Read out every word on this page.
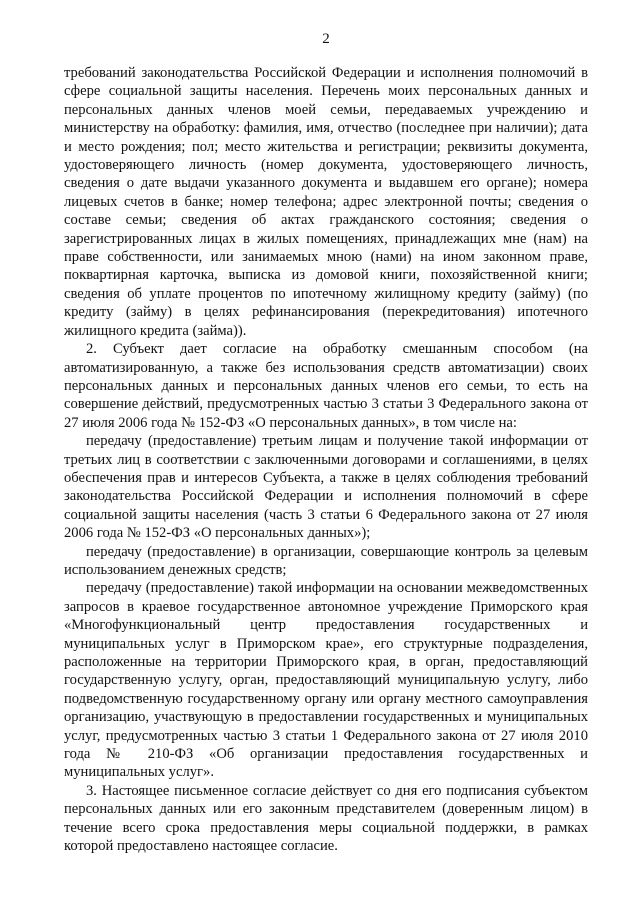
2

требований законодательства Российской Федерации и исполнения полномочий в сфере социальной защиты населения. Перечень моих персональных данных и персональных данных членов моей семьи, передаваемых учреждению и министерству на обработку: фамилия, имя, отчество (последнее при наличии); дата и место рождения; пол; место жительства и регистрации; реквизиты документа, удостоверяющего личность (номер документа, удостоверяющего личность, сведения о дате выдачи указанного документа и выдавшем его органе); номера лицевых счетов в банке; номер телефона; адрес электронной почты; сведения о составе семьи; сведения об актах гражданского состояния; сведения о зарегистрированных лицах в жилых помещениях, принадлежащих мне (нам) на праве собственности, или занимаемых мною (нами) на ином законном праве, поквартирная карточка, выписка из домовой книги, похозяйственной книги; сведения об уплате процентов по ипотечному жилищному кредиту (займу) (по кредиту (займу) в целях рефинансирования (перекредитования) ипотечного жилищного кредита (займа)).

2. Субъект дает согласие на обработку смешанным способом (на автоматизированную, а также без использования средств автоматизации) своих персональных данных и персональных данных членов его семьи, то есть на совершение действий, предусмотренных частью 3 статьи 3 Федерального закона от 27 июля 2006 года № 152-ФЗ «О персональных данных», в том числе на:

передачу (предоставление) третьим лицам и получение такой информации от третьих лиц в соответствии с заключенными договорами и соглашениями, в целях обеспечения прав и интересов Субъекта, а также в целях соблюдения требований законодательства Российской Федерации и исполнения полномочий в сфере социальной защиты населения (часть 3 статьи 6 Федерального закона от 27 июля 2006 года № 152-ФЗ «О персональных данных»);

передачу (предоставление) в организации, совершающие контроль за целевым использованием денежных средств;

передачу (предоставление) такой информации на основании межведомственных запросов в краевое государственное автономное учреждение Приморского края «Многофункциональный центр предоставления государственных и муниципальных услуг в Приморском крае», его структурные подразделения, расположенные на территории Приморского края, в орган, предоставляющий государственную услугу, орган, предоставляющий муниципальную услугу, либо подведомственную государственному органу или органу местного самоуправления организацию, участвующую в предоставлении государственных и муниципальных услуг, предусмотренных частью 3 статьи 1 Федерального закона от 27 июля 2010 года № 210-ФЗ «Об организации предоставления государственных и муниципальных услуг».

3. Настоящее письменное согласие действует со дня его подписания субъектом персональных данных или его законным представителем (доверенным лицом) в течение всего срока предоставления меры социальной поддержки, в рамках которой предоставлено настоящее согласие.
